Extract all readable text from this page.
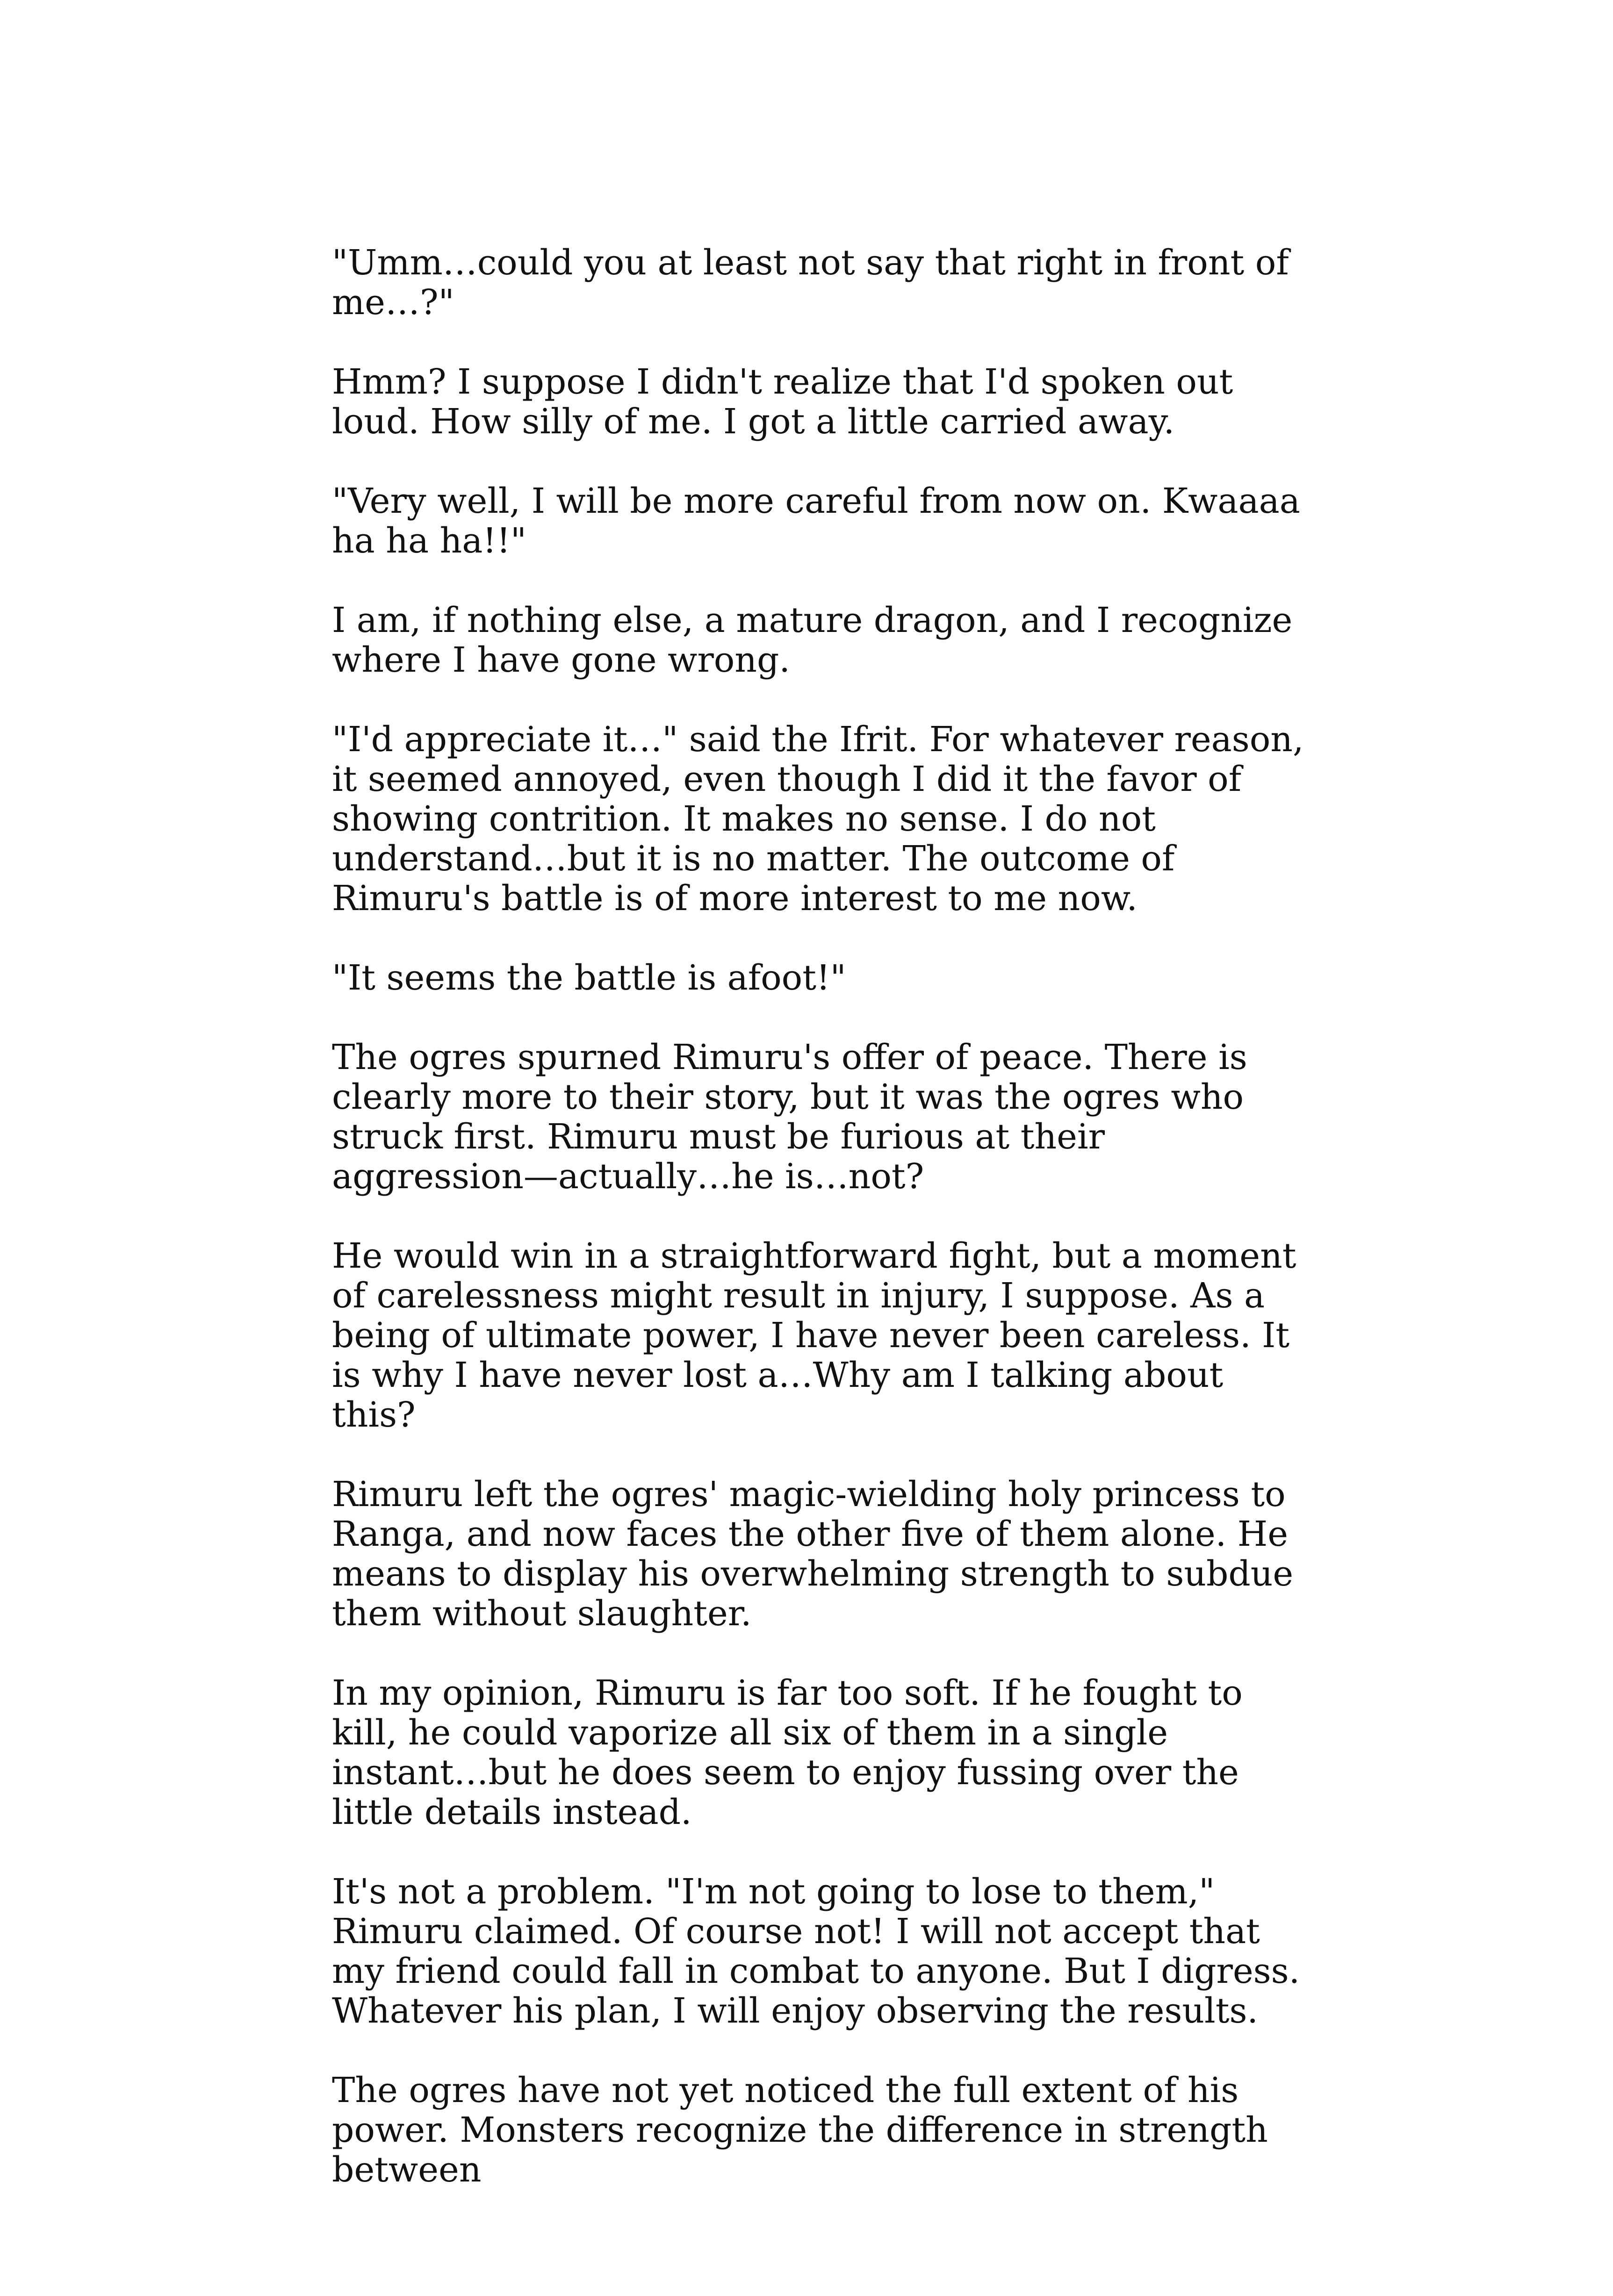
"Umm…could you at least not say that right in front of me…?"

Hmm? I suppose I didn't realize that I'd spoken out loud. How silly of me. I got a little carried away.

"Very well, I will be more careful from now on. Kwaaaa ha ha ha!!"

I am, if nothing else, a mature dragon, and I recognize where I have gone wrong.

"I'd appreciate it…" said the Ifrit. For whatever reason, it seemed annoyed, even though I did it the favor of showing contrition. It makes no sense. I do not understand…but it is no matter. The outcome of Rimuru's battle is of more interest to me now.

"It seems the battle is afoot!"

The ogres spurned Rimuru's offer of peace. There is clearly more to their story, but it was the ogres who struck first. Rimuru must be furious at their aggression—actually…he is…not?

He would win in a straightforward fight, but a moment of carelessness might result in injury, I suppose. As a being of ultimate power, I have never been careless. It is why I have never lost a…Why am I talking about this?

Rimuru left the ogres' magic-wielding holy princess to Ranga, and now faces the other five of them alone. He means to display his overwhelming strength to subdue them without slaughter.

In my opinion, Rimuru is far too soft. If he fought to kill, he could vaporize all six of them in a single instant…but he does seem to enjoy fussing over the little details instead.

It's not a problem. "I'm not going to lose to them," Rimuru claimed. Of course not! I will not accept that my friend could fall in combat to anyone. But I digress. Whatever his plan, I will enjoy observing the results.

The ogres have not yet noticed the full extent of his power. Monsters recognize the difference in strength between
